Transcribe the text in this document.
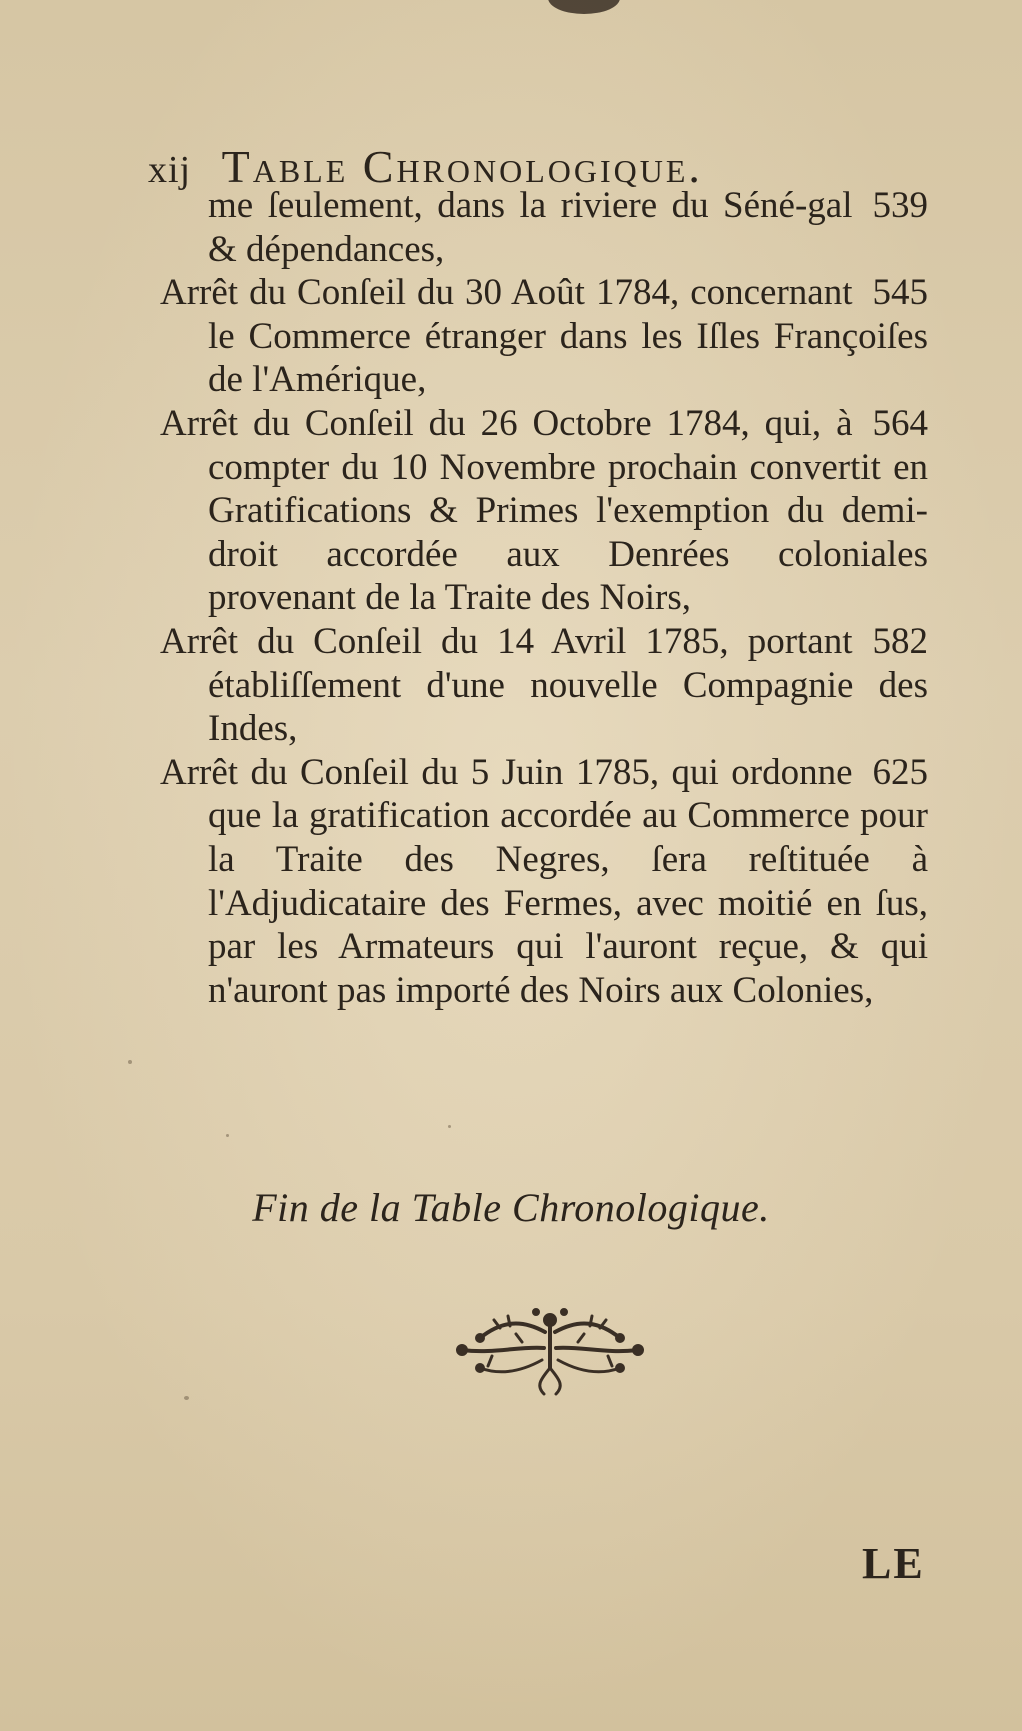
xij Table Chronologique.
539
me ſeulement, dans la riviere du Séné-gal & dépendances,
545
Arrêt du Conſeil du 30 Août 1784, concernant le Commerce étranger dans les Iſles Françoiſes de l'Amérique,
564
Arrêt du Conſeil du 26 Octobre 1784, qui, à compter du 10 Novembre prochain convertit en Gratifications & Primes l'exemption du demi-droit accordée aux Denrées coloniales provenant de la Traite des Noirs,
582
Arrêt du Conſeil du 14 Avril 1785, portant établiſſement d'une nouvelle Compagnie des Indes,
625
Arrêt du Conſeil du 5 Juin 1785, qui ordonne que la gratification accordée au Commerce pour la Traite des Negres, ſera reſtituée à l'Adjudicataire des Fermes, avec moitié en ſus, par les Armateurs qui l'auront reçue, & qui n'auront pas importé des Noirs aux Colonies,
Fin de la Table Chronologique.
LE
